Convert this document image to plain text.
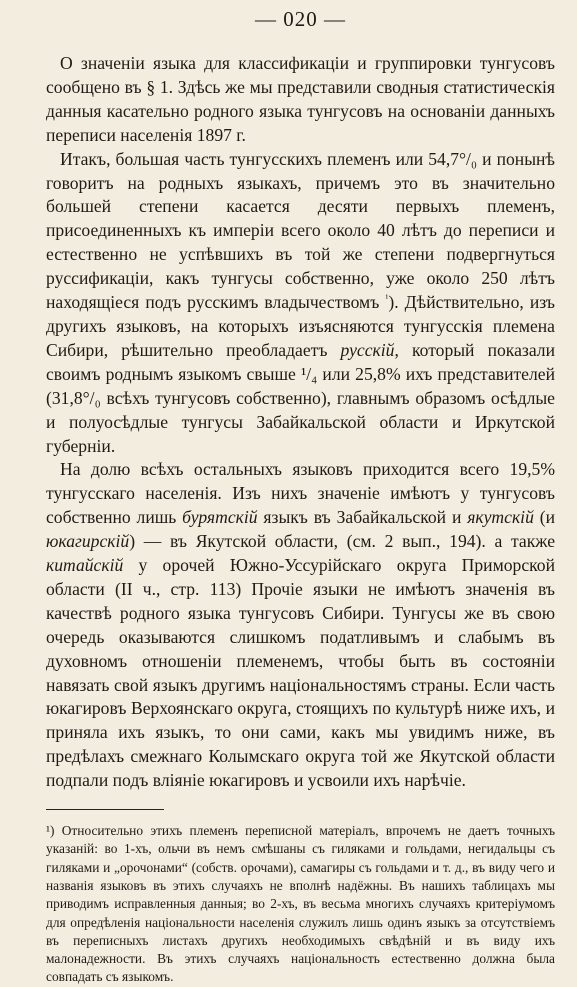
— 020 —

О значеніи языка для классификаціи и группировки тунгусовъ сообщено въ § 1. Здѣсь же мы представили сводныя статистическія данныя касательно родного языка тунгусовъ на основаніи данныхъ переписи населенія 1897 г.

Итакъ, большая часть тунгусскихъ племенъ или 54,7°/₀ и понынѣ говоритъ на родныхъ языкахъ, причемъ это въ значительно большей степени касается десяти первыхъ племенъ, присоединенныхъ къ имперіи всего около 40 лѣтъ до переписи и естественно не успѣвшихъ въ той же степени подвергнуться руссификаціи, какъ тунгусы собственно, уже около 250 лѣтъ находящіеся подъ русскимъ владычествомъ $^{^1}$). Дѣйствительно, изъ другихъ языковъ, на которыхъ изъясняются тунгусскія племена Сибири, рѣшительно преобладаетъ русскій, который показали своимъ роднымъ языкомъ свыше ¹/₄ или 25,8% ихъ представителей (31,8°/₀ всѣхъ тунгусовъ собственно), главнымъ образомъ осѣдлые и полуосѣдлые тунгусы Забайкальской области и Иркутской губерніи.

На долю всѣхъ остальныхъ языковъ приходится всего 19,5% тунгусскаго населенія. Изъ нихъ значеніе имѣютъ у тунгусовъ собственно лишь бурятскій языкъ въ Забайкальской и якутскій (и юкагирскій) — въ Якутской области, (см. 2 вып., 194). а также китайскій у орочей Южно-Уссурійскаго округа Приморской области (II ч., стр. 113) Прочіе языки не имѣютъ значенія въ качествѣ родного языка тунгусовъ Сибири. Тунгусы же въ свою очередь оказываются слишкомъ податливымъ и слабымъ въ духовномъ отношеніи племенемъ, чтобы быть въ состояніи навязать свой языкъ другимъ національностямъ страны. Если часть юкагировъ Верхоянскаго округа, стоящихъ по культурѣ ниже ихъ, и приняла ихъ языкъ, то они сами, какъ мы увидимъ ниже, въ предѣлахъ смежнаго Колымскаго округа той же Якутской области подпали подъ вліяніе юкагировъ и усвоили ихъ нарѣчіе.

¹) Относительно этихъ племенъ переписной матеріалъ, впрочемъ не даетъ точныхъ указаній: во 1-хъ, ольчи въ немъ смѣшаны съ гиляками и гольдами, негидальцы съ гиляками и „орочонами“ (собств. орочами), самагиры съ гольдами и т. д., въ виду чего и названія языковъ въ этихъ случаяхъ не вполнѣ надёжны. Въ нашихъ таблицахъ мы приводимъ исправленныя данныя; во 2-хъ, въ весьма многихъ случаяхъ критеріумомъ для опредѣленія національности населенія служилъ лишь одинъ языкъ за отсутствіемъ въ переписныхъ листахъ другихъ необходимыхъ свѣдѣній и въ виду ихъ малонадежности. Въ этихъ случаяхъ національность естественно должна была совпадать съ языкомъ.
